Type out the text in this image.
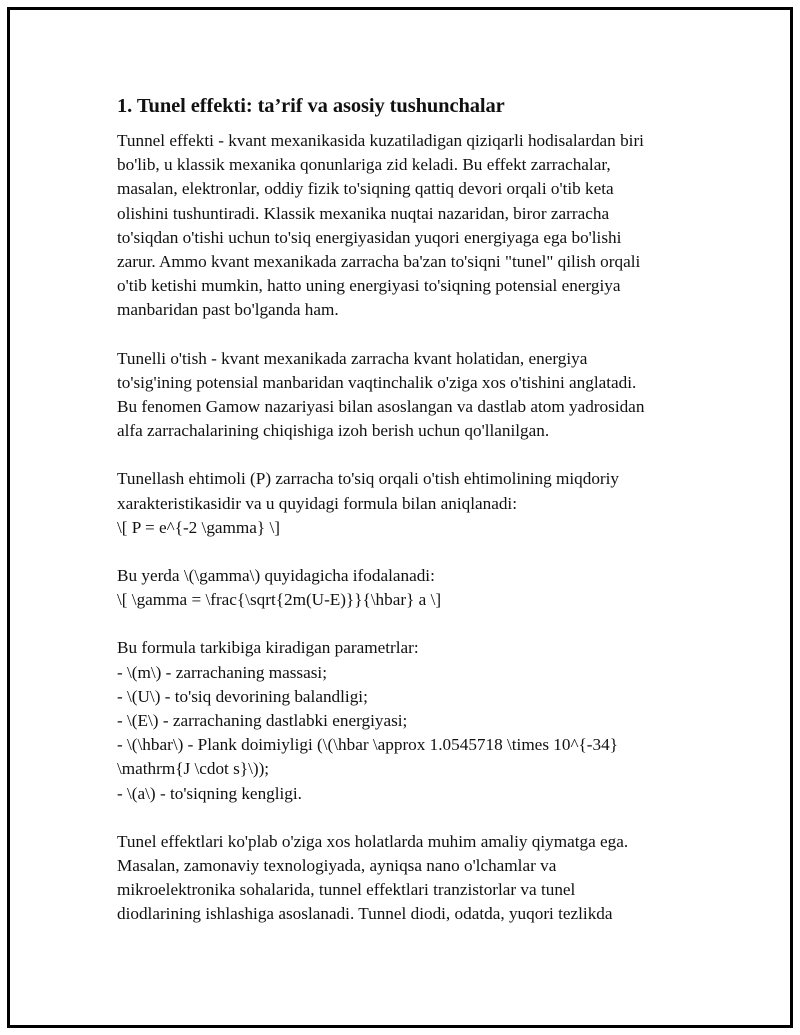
1. Tunel effekti: ta’rif va asosiy tushunchalar

Tunnel effekti - kvant mexanikasida kuzatiladigan qiziqarli hodisalardan biri
bo'lib, u klassik mexanika qonunlariga zid keladi. Bu effekt zarrachalar,
masalan, elektronlar, oddiy fizik to'siqning qattiq devori orqali o'tib keta
olishini tushuntiradi. Klassik mexanika nuqtai nazaridan, biror zarracha
to'siqdan o'tishi uchun to'siq energiyasidan yuqori energiyaga ega bo'lishi
zarur. Ammo kvant mexanikada zarracha ba'zan to'siqni "tunel" qilish orqali
o'tib ketishi mumkin, hatto uning energiyasi to'siqning potensial energiya
manbaridan past bo'lganda ham.

Tunelli o'tish - kvant mexanikada zarracha kvant holatidan, energiya
to'sig'ining potensial manbaridan vaqtinchalik o'ziga xos o'tishini anglatadi.
Bu fenomen Gamow nazariyasi bilan asoslangan va dastlab atom yadrosidan
alfa zarrachalarining chiqishiga izoh berish uchun qo'llanilgan.

Tunellash ehtimoli (P) zarracha to'siq orqali o'tish ehtimolining miqdoriy
xarakteristikasidir va u quyidagi formula bilan aniqlanadi:
\[ P = e^{-2 \gamma} \]

Bu yerda \(\gamma\) quyidagicha ifodalanadi:
\[ \gamma = \frac{\sqrt{2m(U-E)}}{\hbar} a \]

Bu formula tarkibiga kiradigan parametrlar:
- \(m\) - zarrachaning massasi;
- \(U\) - to'siq devorining balandligi;
- \(E\) - zarrachaning dastlabki energiyasi;
- \(\hbar\) - Plank doimiyligi (\(\hbar \approx 1.0545718 \times 10^{-34}
\mathrm{J \cdot s}\));
- \(a\) - to'siqning kengligi.

Tunel effektlari ko'plab o'ziga xos holatlarda muhim amaliy qiymatga ega.
Masalan, zamonaviy texnologiyada, ayniqsa nano o'lchamlar va
mikroelektronika sohalarida, tunnel effektlari tranzistorlar va tunel
diodlarining ishlashiga asoslanadi. Tunnel diodi, odatda, yuqori tezlikda
